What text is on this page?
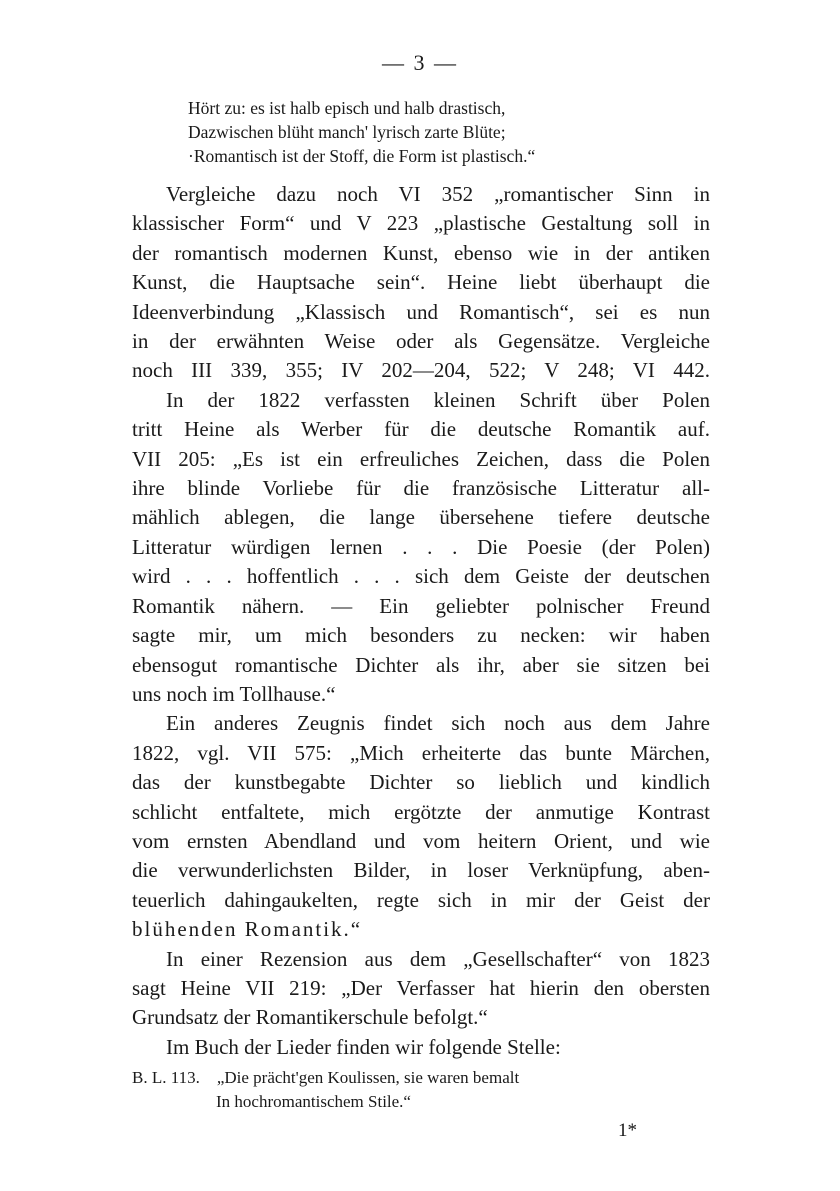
— 3 —
Hört zu: es ist halb episch und halb drastisch,
Dazwischen blüht manch' lyrisch zarte Blüte;
·Romantisch ist der Stoff, die Form ist plastisch.“
Vergleiche dazu noch VI 352 „romantischer Sinn in
klassischer Form“ und V 223 „plastische Gestaltung soll in
der romantisch modernen Kunst, ebenso wie in der antiken
Kunst, die Hauptsache sein“. Heine liebt überhaupt die
Ideenverbindung „Klassisch und Romantisch“, sei es nun
in der erwähnten Weise oder als Gegensätze. Vergleiche
noch III 339, 355; IV 202—204, 522; V 248; VI 442.
In der 1822 verfassten kleinen Schrift über Polen
tritt Heine als Werber für die deutsche Romantik auf.
VII 205: „Es ist ein erfreuliches Zeichen, dass die Polen
ihre blinde Vorliebe für die französische Litteratur all-
mählich ablegen, die lange übersehene tiefere deutsche
Litteratur würdigen lernen . . . Die Poesie (der Polen)
wird . . . hoffentlich . . . sich dem Geiste der deutschen
Romantik nähern. — Ein geliebter polnischer Freund
sagte mir, um mich besonders zu necken: wir haben
ebensogut romantische Dichter als ihr, aber sie sitzen bei
uns noch im Tollhause.“
Ein anderes Zeugnis findet sich noch aus dem Jahre
1822, vgl. VII 575: „Mich erheiterte das bunte Märchen,
das der kunstbegabte Dichter so lieblich und kindlich
schlicht entfaltete, mich ergötzte der anmutige Kontrast
vom ernsten Abendland und vom heitern Orient, und wie
die verwunderlichsten Bilder, in loser Verknüpfung, aben-
teuerlich dahingaukelten, regte sich in mir der Geist der
blühenden Romantik.“
In einer Rezension aus dem „Gesellschafter“ von 1823
sagt Heine VII 219: „Der Verfasser hat hierin den obersten
Grundsatz der Romantikerschule befolgt.“
Im Buch der Lieder finden wir folgende Stelle:
B. L. 113. „Die prächt'gen Koulissen, sie waren bemalt
In hochromantischem Stile.“
1*
